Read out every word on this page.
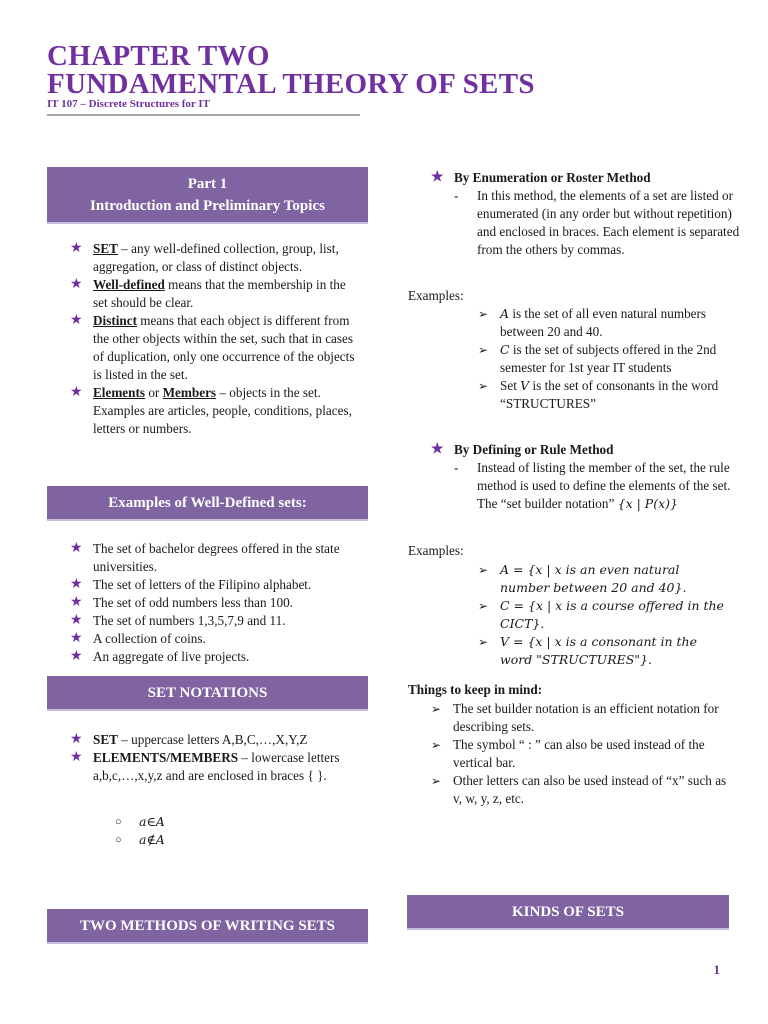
CHAPTER TWO
FUNDAMENTAL THEORY OF SETS
IT 107 – Discrete Structures for IT
Part 1
Introduction and Preliminary Topics
★ SET – any well-defined collection, group, list, aggregation, or class of distinct objects.
★ Well-defined means that the membership in the set should be clear.
★ Distinct means that each object is different from the other objects within the set, such that in cases of duplication, only one occurrence of the objects is listed in the set.
★ Elements or Members – objects in the set. Examples are articles, people, conditions, places, letters or numbers.
Examples of Well-Defined sets:
★ The set of bachelor degrees offered in the state universities.
★ The set of letters of the Filipino alphabet.
★ The set of odd numbers less than 100.
★ The set of numbers 1,3,5,7,9 and 11.
★ A collection of coins.
★ An aggregate of live projects.
SET NOTATIONS
★ SET – uppercase letters A,B,C,…,X,Y,Z
★ ELEMENTS/MEMBERS – lowercase letters a,b,c,…,x,y,z and are enclosed in braces { }.
○ a∈A
○ a∉A
TWO METHODS OF WRITING SETS
★ By Enumeration or Roster Method
- In this method, the elements of a set are listed or enumerated (in any order but without repetition) and enclosed in braces. Each element is separated from the others by commas.
Examples:
➢ A is the set of all even natural numbers between 20 and 40.
➢ C is the set of subjects offered in the 2nd semester for 1st year IT students
➢ Set V is the set of consonants in the word “STRUCTURES”
★ By Defining or Rule Method
- Instead of listing the member of the set, the rule method is used to define the elements of the set. The “set builder notation” {x | P(x)}
Examples:
➢ A = {x | x is an even natural number between 20 and 40}.
➢ C = {x | x is a course offered in the CICT}.
➢ V = {x | x is a consonant in the word "STRUCTURES"}.
Things to keep in mind:
➢ The set builder notation is an efficient notation for describing sets.
➢ The symbol “ : ” can also be used instead of the vertical bar.
➢ Other letters can also be used instead of “x” such as v, w, y, z, etc.
KINDS OF SETS
1
